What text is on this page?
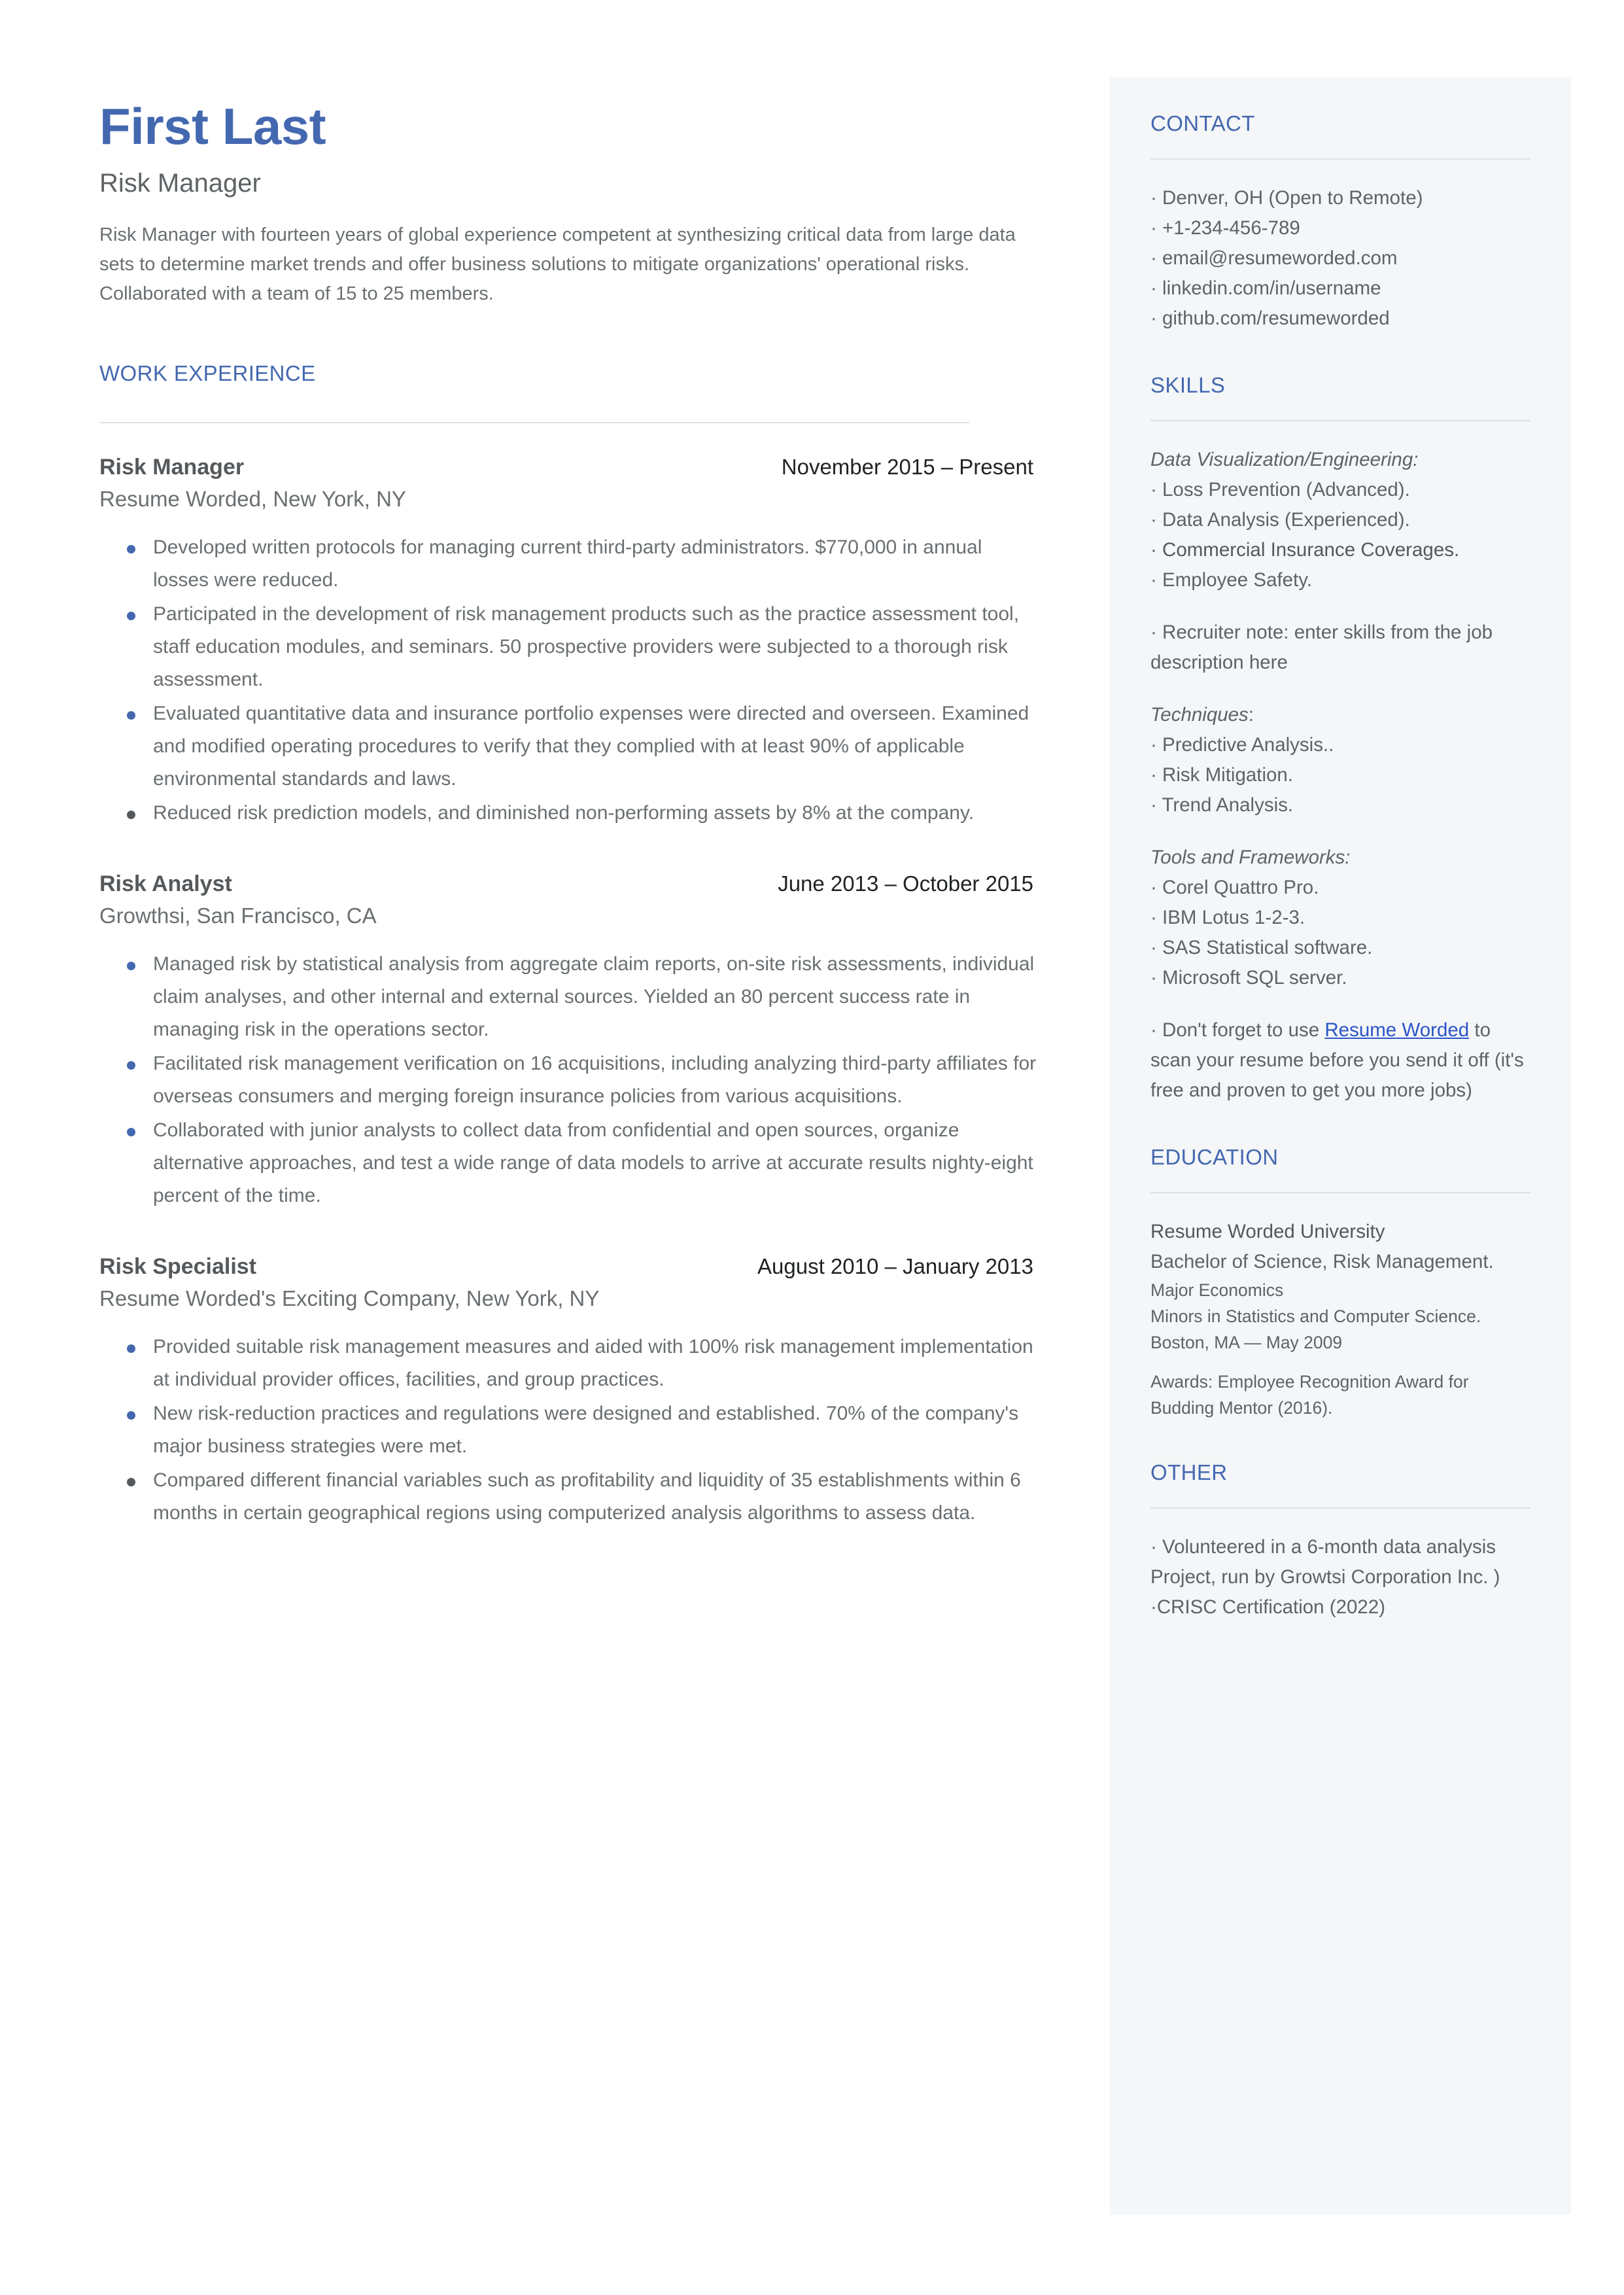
First Last
Risk Manager
Risk Manager with fourteen years of global experience competent at synthesizing critical data from large data sets to determine market trends and offer business solutions to mitigate organizations' operational risks. Collaborated with a team of 15 to 25 members.
WORK EXPERIENCE
Risk Manager	November 2015 – Present
Resume Worded, New York, NY
Developed written protocols for managing current third-party administrators. $770,000 in annual losses were reduced.
Participated in the development of risk management products such as the practice assessment tool, staff education modules, and seminars. 50 prospective providers were subjected to a thorough risk assessment.
Evaluated quantitative data and insurance portfolio expenses were directed and overseen. Examined and modified operating procedures to verify that they complied with at least 90% of applicable environmental standards and laws.
Reduced risk prediction models, and diminished non-performing assets by 8% at the company.
Risk Analyst	June 2013 – October 2015
Growthsi, San Francisco, CA
Managed risk by statistical analysis from aggregate claim reports, on-site risk assessments, individual claim analyses, and other internal and external sources. Yielded an 80 percent success rate in managing risk in the operations sector.
Facilitated risk management verification on 16 acquisitions, including analyzing third-party affiliates for overseas consumers and merging foreign insurance policies from various acquisitions.
Collaborated with junior analysts to collect data from confidential and open sources, organize alternative approaches, and test a wide range of data models to arrive at accurate results nighty-eight percent of the time.
Risk Specialist	August 2010 – January 2013
Resume Worded's Exciting Company, New York, NY
Provided suitable risk management measures and aided with 100% risk management implementation at individual provider offices, facilities, and group practices.
New risk-reduction practices and regulations were designed and established. 70% of the company's major business strategies were met.
Compared different financial variables such as profitability and liquidity of 35 establishments within 6 months in certain geographical regions using computerized analysis algorithms to assess data.
CONTACT
· Denver, OH (Open to Remote)
· +1-234-456-789
· email@resumeworded.com
· linkedin.com/in/username
· github.com/resumeworded
SKILLS
Data Visualization/Engineering:
· Loss Prevention (Advanced).
· Data Analysis (Experienced).
· Commercial Insurance Coverages.
· Employee Safety.
· Recruiter note: enter skills from the job description here
Techniques:
· Predictive Analysis..
· Risk Mitigation.
· Trend Analysis.
Tools and Frameworks:
· Corel Quattro Pro.
· IBM Lotus 1-2-3.
· SAS Statistical software.
· Microsoft SQL server.
· Don't forget to use Resume Worded to scan your resume before you send it off (it's free and proven to get you more jobs)
EDUCATION
Resume Worded University
Bachelor of Science, Risk Management.
Major Economics
Minors in Statistics and Computer Science.
Boston, MA — May 2009
Awards: Employee Recognition Award for Budding Mentor (2016).
OTHER
· Volunteered in a 6-month data analysis Project, run by Growtsi Corporation Inc. )
·CRISC Certification (2022)
